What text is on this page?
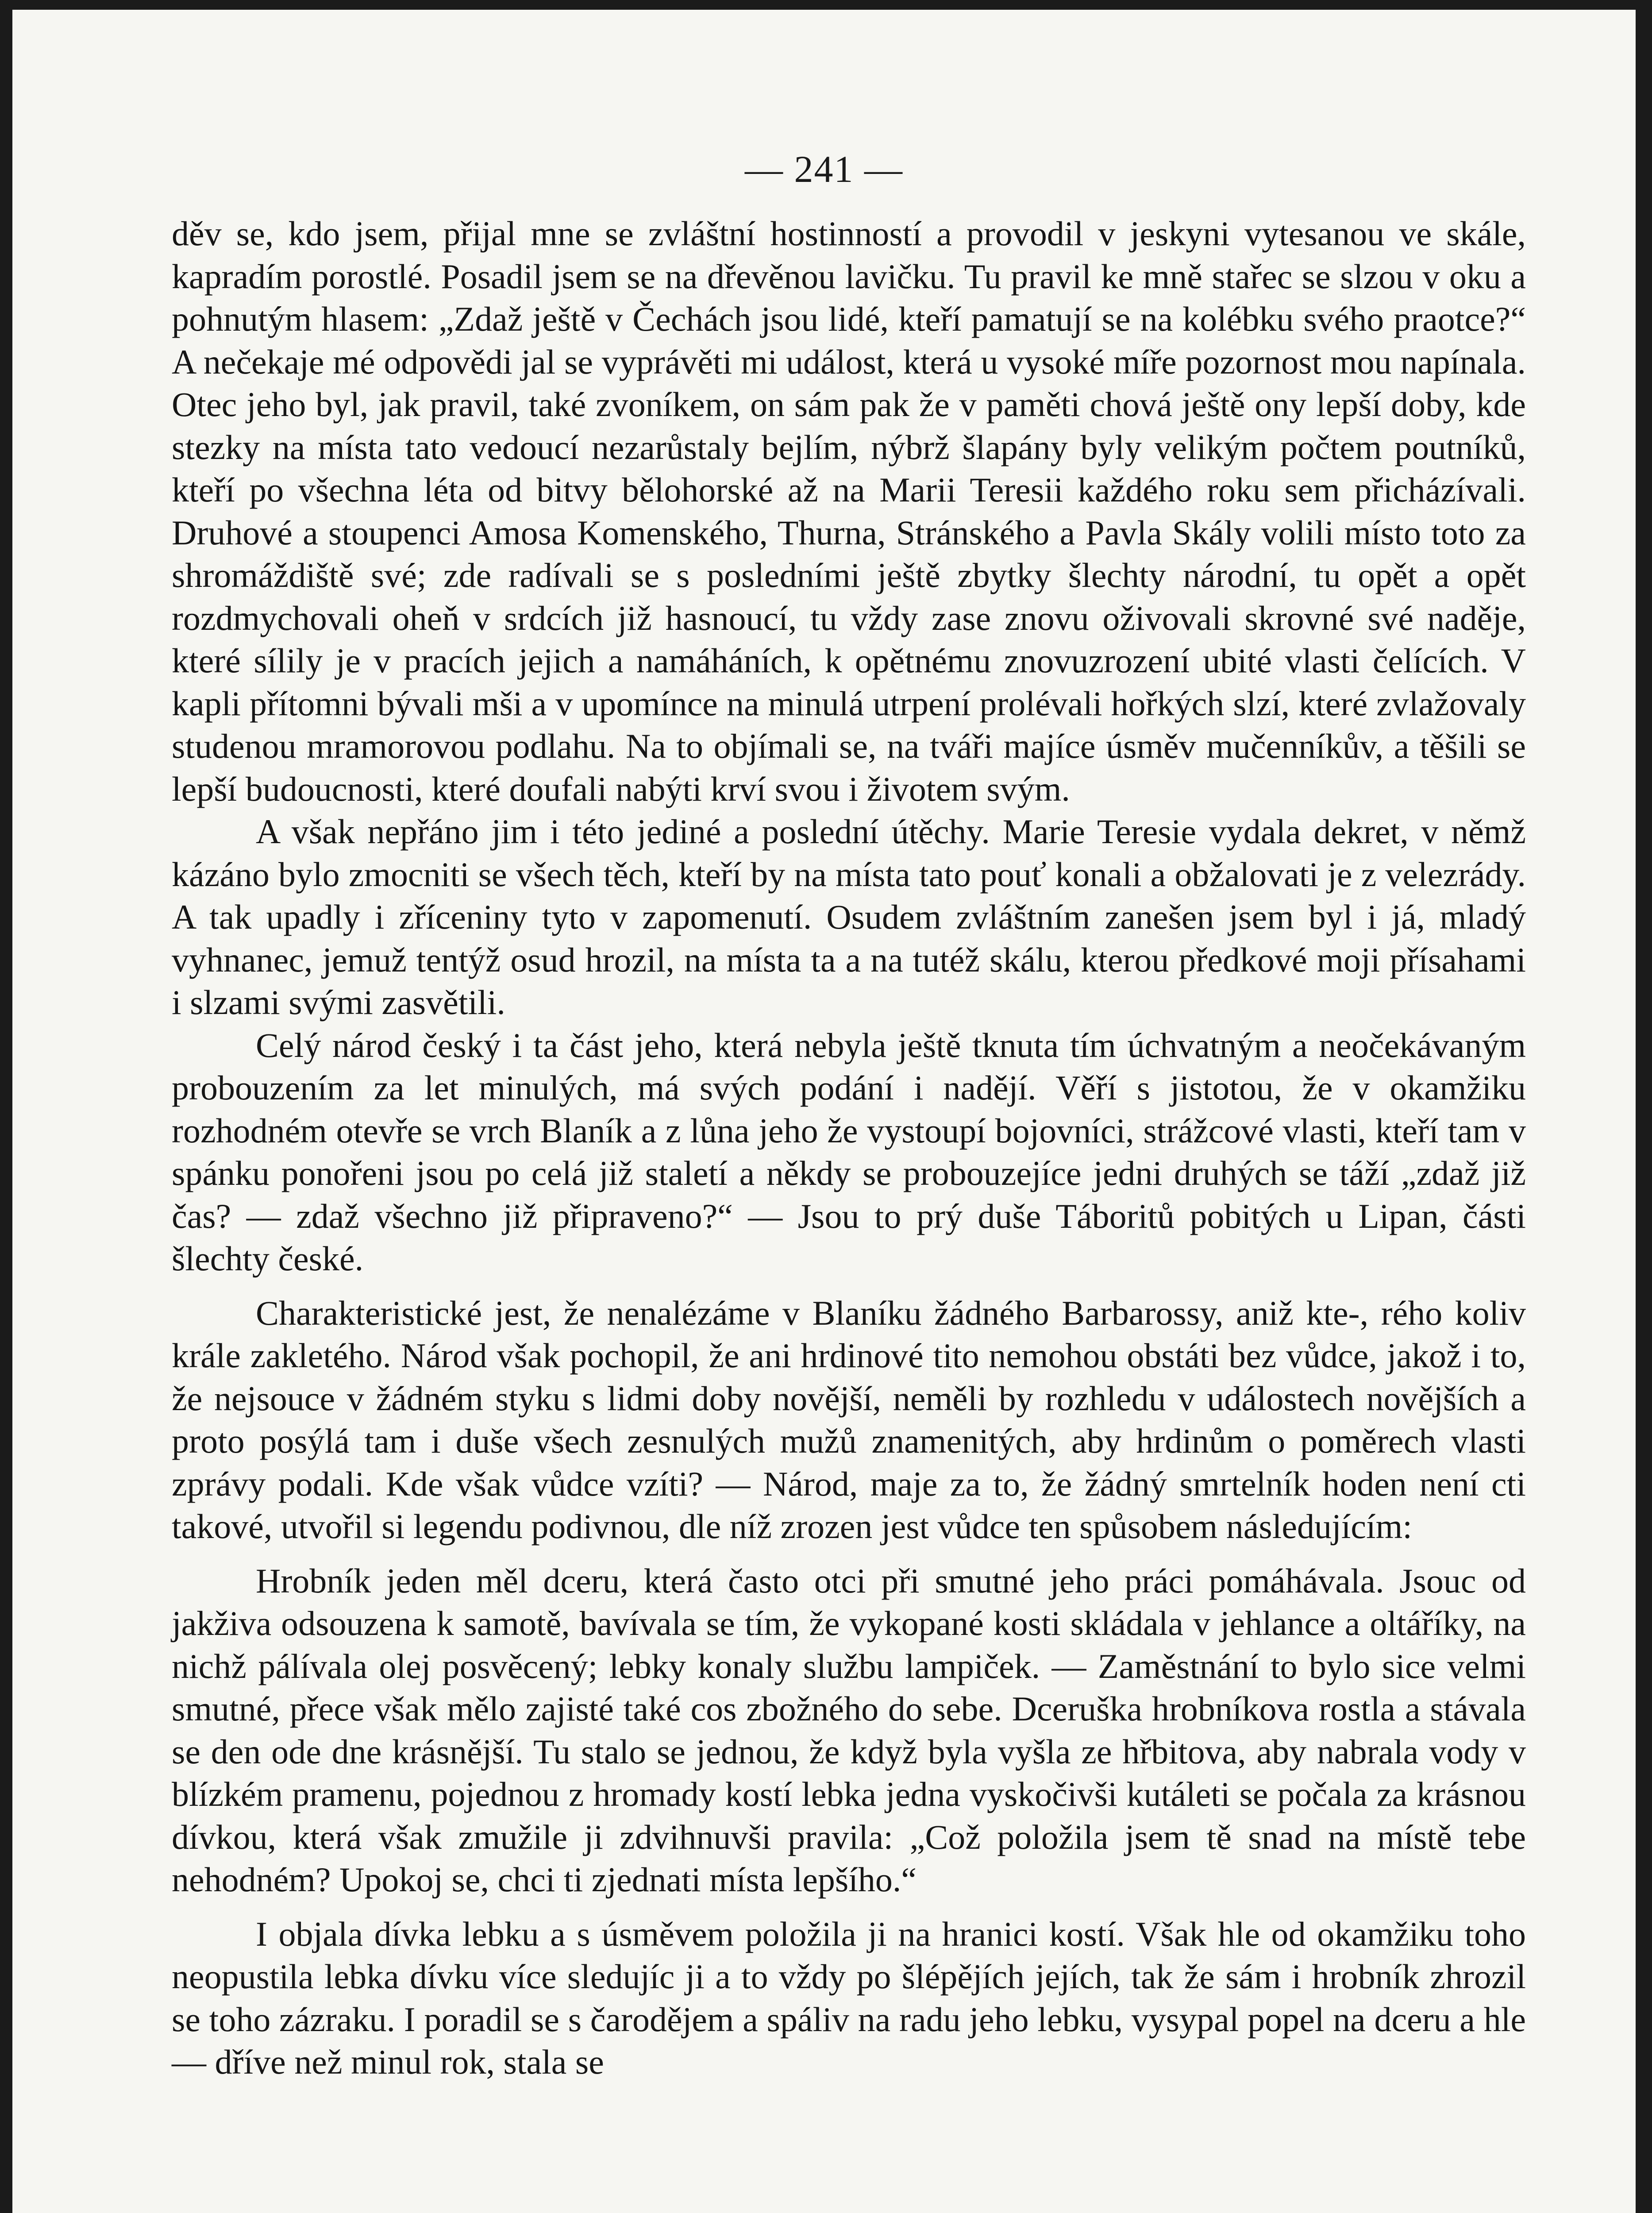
— 241 —

děv se, kdo jsem, přijal mne se zvláštní hostinností a provodil v jeskyni vytesanou ve skále, kapradím porostlé. Posadil jsem se na dřevěnou lavičku. Tu pravil ke mně stařec se slzou v oku a pohnutým hlasem: „Zdaž ještě v Čechách jsou lidé, kteří pamatují se na kolébku svého praotce?“ A nečekaje mé odpovědi jal se vyprávěti mi událost, která u vysoké míře pozornost mou napínala. Otec jeho byl, jak pravil, také zvoníkem, on sám pak že v paměti chová ještě ony lepší doby, kde stezky na místa tato vedoucí nezarůstaly bejlím, nýbrž šlapány byly velikým počtem poutníků, kteří po všechna léta od bitvy bělohorské až na Marii Teresii každého roku sem přicházívali. Druhové a stoupenci Amosa Komenského, Thurna, Stránského a Pavla Skály volili místo toto za shromáždiště své; zde radívali se s posledními ještě zbytky šlechty národní, tu opět a opět rozdmychovali oheň v srdcích již hasnoucí, tu vždy zase znovu oživovali skrovné své naděje, které sílily je v pracích jejich a namáháních, k opětnému znovuzrození ubité vlasti čelících. V kapli přítomni bývali mši a v upomínce na minulá utrpení prolévali hořkých slzí, které zvlažovaly studenou mramorovou podlahu. Na to objímali se, na tváři majíce úsměv mučenníkův, a těšili se lepší budoucnosti, které doufali nabýti krví svou i životem svým.

A však nepřáno jim i této jediné a poslední útěchy. Marie Teresie vydala dekret, v němž kázáno bylo zmocniti se všech těch, kteří by na místa tato pouť konali a obžalovati je z velezrády. A tak upadly i zříceniny tyto v zapomenutí. Osudem zvláštním zanešen jsem byl i já, mladý vyhnanec, jemuž tentýž osud hrozil, na místa ta a na tutéž skálu, kterou předkové moji přísahami i slzami svými zasvětili.

Celý národ český i ta část jeho, která nebyla ještě tknuta tím úchvatným a neočekávaným probouzením za let minulých, má svých podání i nadějí. Věří s jistotou, že v okamžiku rozhodném otevře se vrch Blaník a z lůna jeho že vystoupí bojovníci, strážcové vlasti, kteří tam v spánku ponořeni jsou po celá již staletí a někdy se probouzejíce jedni druhých se táží „zdaž již čas? — zdaž všechno již připraveno?“ — Jsou to prý duše Táboritů pobitých u Lipan, části šlechty české.

Charakteristické jest, že nenalézáme v Blaníku žádného Barbarossy, aniž kte-, rého koliv krále zakletého. Národ však pochopil, že ani hrdinové tito nemohou obstáti bez vůdce, jakož i to, že nejsouce v žádném styku s lidmi doby novější, neměli by rozhledu v událostech novějších a proto posýlá tam i duše všech zesnulých mužů znamenitých, aby hrdinům o poměrech vlasti zprávy podali. Kde však vůdce vzíti? — Národ, maje za to, že žádný smrtelník hoden není cti takové, utvořil si legendu podivnou, dle níž zrozen jest vůdce ten spůsobem následujícím:

Hrobník jeden měl dceru, která často otci při smutné jeho práci pomáhávala. Jsouc od jakživa odsouzena k samotě, bavívala se tím, že vykopané kosti skládala v jehlance a oltáříky, na nichž pálívala olej posvěcený; lebky konaly službu lampiček. — Zaměstnání to bylo sice velmi smutné, přece však mělo zajisté také cos zbožného do sebe. Dceruška hrobníkova rostla a stávala se den ode dne krásnější. Tu stalo se jednou, že když byla vyšla ze hřbitova, aby nabrala vody v blízkém pramenu, pojednou z hromady kostí lebka jedna vyskočivši kutáleti se počala za krásnou dívkou, která však zmužile ji zdvihnuvši pravila: „Což položila jsem tě snad na místě tebe nehodném? Upokoj se, chci ti zjednati místa lepšího.“

I objala dívka lebku a s úsměvem položila ji na hranici kostí. Však hle od okamžiku toho neopustila lebka dívku více sledujíc ji a to vždy po šlépějích jejích, tak že sám i hrobník zhrozil se toho zázraku. I poradil se s čarodějem a spáliv na radu jeho lebku, vysypal popel na dceru a hle — dříve než minul rok, stala se
